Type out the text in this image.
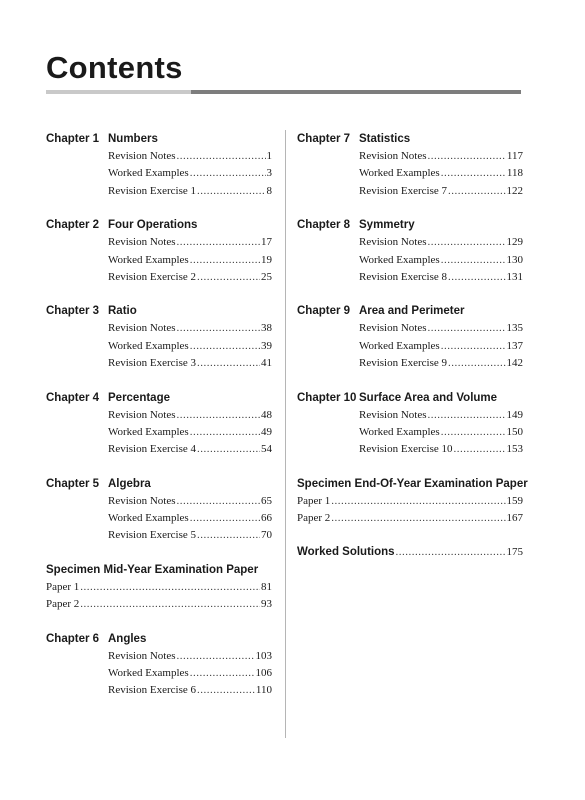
Contents
Chapter 1 Numbers
Revision Notes .....	1
Worked Examples .....	3
Revision Exercise 1 .....	8
Chapter 2 Four Operations
Revision Notes .....	17
Worked Examples .....	19
Revision Exercise 2 .....	25
Chapter 3 Ratio
Revision Notes .....	38
Worked Examples .....	39
Revision Exercise 3 .....	41
Chapter 4 Percentage
Revision Notes .....	48
Worked Examples .....	49
Revision Exercise 4 .....	54
Chapter 5 Algebra
Revision Notes .....	65
Worked Examples .....	66
Revision Exercise 5 .....	70
Specimen Mid-Year Examination Paper
Paper 1 .....	81
Paper 2 .....	93
Chapter 6 Angles
Revision Notes .....	103
Worked Examples .....	106
Revision Exercise 6 .....	110
Chapter 7 Statistics
Revision Notes .....	117
Worked Examples .....	118
Revision Exercise 7 .....	122
Chapter 8 Symmetry
Revision Notes .....	129
Worked Examples .....	130
Revision Exercise 8 .....	131
Chapter 9 Area and Perimeter
Revision Notes .....	135
Worked Examples .....	137
Revision Exercise 9 .....	142
Chapter 10 Surface Area and Volume
Revision Notes .....	149
Worked Examples .....	150
Revision Exercise 10 .....	153
Specimen End-Of-Year Examination Paper
Paper 1 .....	159
Paper 2 .....	167
Worked Solutions .....	175
